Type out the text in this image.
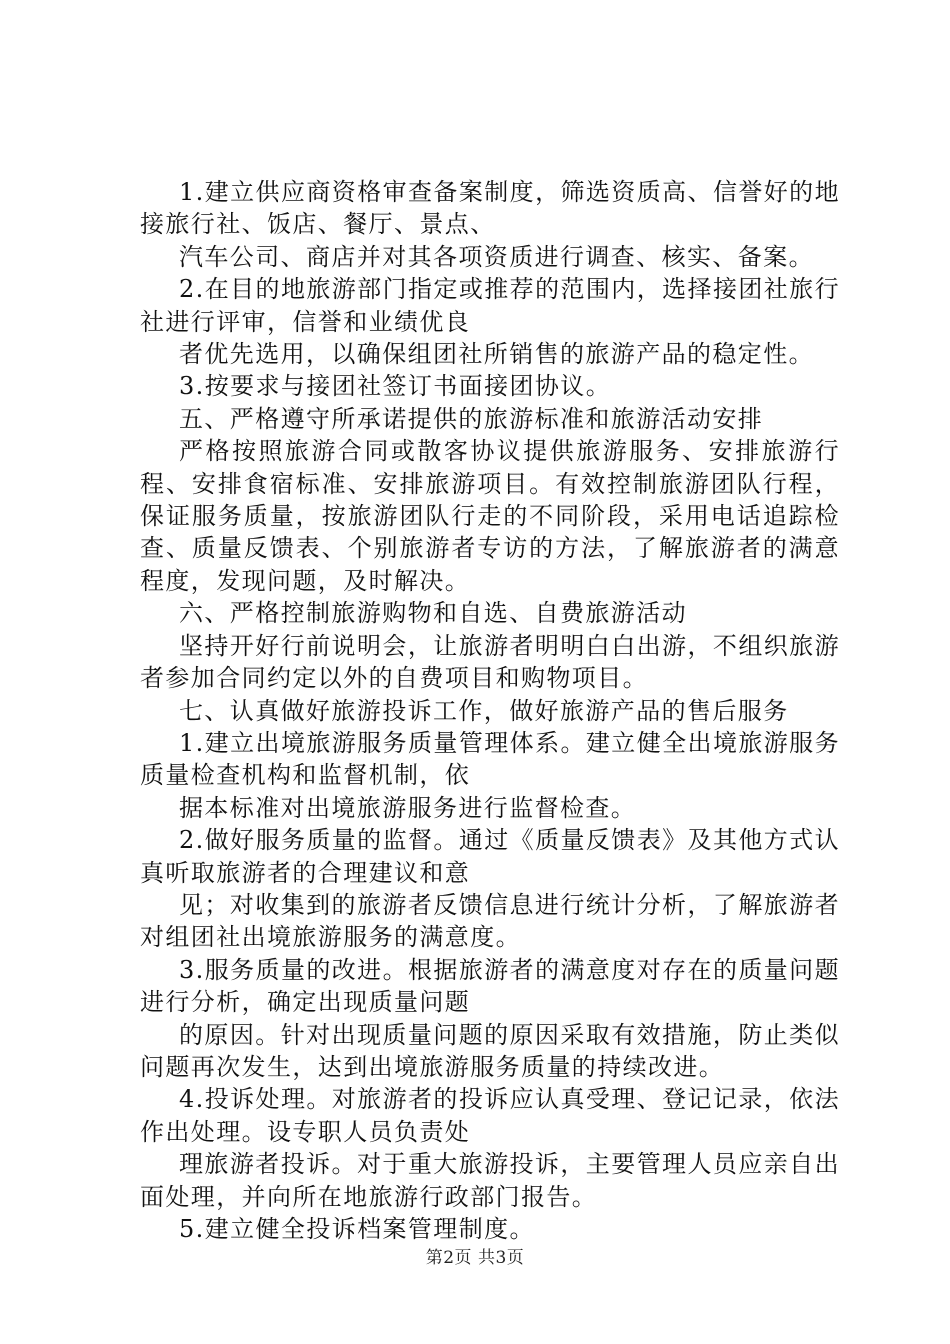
1.建立供应商资格审查备案制度，筛选资质高、信誉好的地接旅行社、饭店、餐厅、景点、

汽车公司、商店并对其各项资质进行调查、核实、备案。

2.在目的地旅游部门指定或推荐的范围内，选择接团社旅行社进行评审，信誉和业绩优良

者优先选用，以确保组团社所销售的旅游产品的稳定性。

3.按要求与接团社签订书面接团协议。

五、严格遵守所承诺提供的旅游标准和旅游活动安排

严格按照旅游合同或散客协议提供旅游服务、安排旅游行程、安排食宿标准、安排旅游项目。有效控制旅游团队行程，保证服务质量，按旅游团队行走的不同阶段，采用电话追踪检查、质量反馈表、个别旅游者专访的方法，了解旅游者的满意程度，发现问题，及时解决。

六、严格控制旅游购物和自选、自费旅游活动

坚持开好行前说明会，让旅游者明明白白出游，不组织旅游者参加合同约定以外的自费项目和购物项目。

七、认真做好旅游投诉工作，做好旅游产品的售后服务

1.建立出境旅游服务质量管理体系。建立健全出境旅游服务质量检查机构和监督机制，依

据本标准对出境旅游服务进行监督检查。

2.做好服务质量的监督。通过《质量反馈表》及其他方式认真听取旅游者的合理建议和意

见；对收集到的旅游者反馈信息进行统计分析，了解旅游者对组团社出境旅游服务的满意度。

3.服务质量的改进。根据旅游者的满意度对存在的质量问题进行分析，确定出现质量问题

的原因。针对出现质量问题的原因采取有效措施，防止类似问题再次发生，达到出境旅游服务质量的持续改进。

4.投诉处理。对旅游者的投诉应认真受理、登记记录，依法作出处理。设专职人员负责处

理旅游者投诉。对于重大旅游投诉，主要管理人员应亲自出面处理，并向所在地旅游行政部门报告。

5.建立健全投诉档案管理制度。

第2页 共3页
